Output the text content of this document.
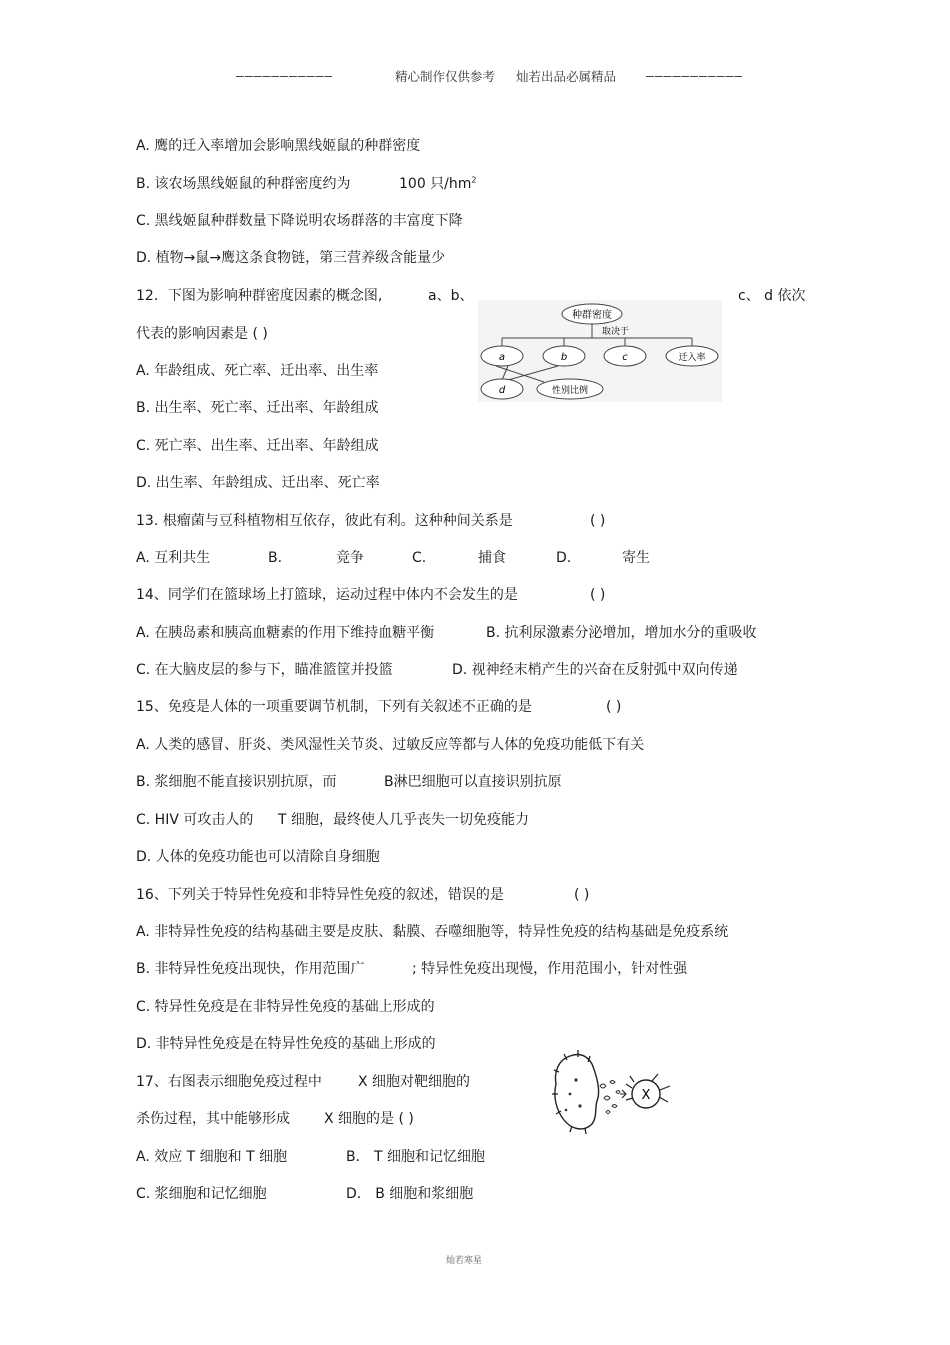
———————————	精心制作仅供参考 灿若出品必属精品 ———————————
A. 鹰的迁入率增加会影响黑线姬鼠的种群密度
B. 该农场黑线姬鼠的种群密度约为	100 只$/hm^2$
C. 黑线姬鼠种群数量下降说明农场群落的丰富度下降
D. 植物→鼠→鹰这条食物链，第三营养级含能量少
12．下图为影响种群密度因素的概念图,	a、b、	c、 d 依次
代表的影响因素是 ( )
种群密度
取决于
a	b	c	迁入率
d	性别比例
A. 年龄组成、死亡率、迁出率、出生率
B. 出生率、死亡率、迁出率、年龄组成
C. 死亡率、出生率、迁出率、年龄组成
D. 出生率、年龄组成、迁出率、死亡率
13. 根瘤菌与豆科植物相互依存，彼此有利。这种种间关系是	( )
A. 互利共生	B.	竞争	C.	捕食	D.	寄生
14、同学们在篮球场上打篮球，运动过程中体内不会发生的是	( )
A. 在胰岛素和胰高血糖素的作用下维持血糖平衡	B. 抗利尿激素分泌增加，增加水分的重吸收
C. 在大脑皮层的参与下，瞄准篮筐并投篮	D. 视神经末梢产生的兴奋在反射弧中双向传递
15、免疫是人体的一项重要调节机制，下列有关叙述不正确的是	( )
A. 人类的感冒、肝炎、类风湿性关节炎、过敏反应等都与人体的免疫功能低下有关
B. 浆细胞不能直接识别抗原，而	B淋巴细胞可以直接识别抗原
C. HIV 可攻击人的 T 细胞，最终使人几乎丧失一切免疫能力
D. 人体的免疫功能也可以清除自身细胞
16、下列关于特异性免疫和非特异性免疫的叙述，错误的是	( )
A. 非特异性免疫的结构基础主要是皮肤、黏膜、吞噬细胞等，特异性免疫的结构基础是免疫系统
B. 非特异性免疫出现快，作用范围广	; 特异性免疫出现慢，作用范围小，针对性强
C. 特异性免疫是在非特异性免疫的基础上形成的
D. 非特异性免疫是在特异性免疫的基础上形成的
17、右图表示细胞免疫过程中	X 细胞对靶细胞的
杀伤过程，其中能够形成 X 细胞的是 ( )
X
A. 效应 T 细胞和 T 细胞	B． T 细胞和记忆细胞
C. 浆细胞和记忆细胞	D． B 细胞和浆细胞
灿若寒星
